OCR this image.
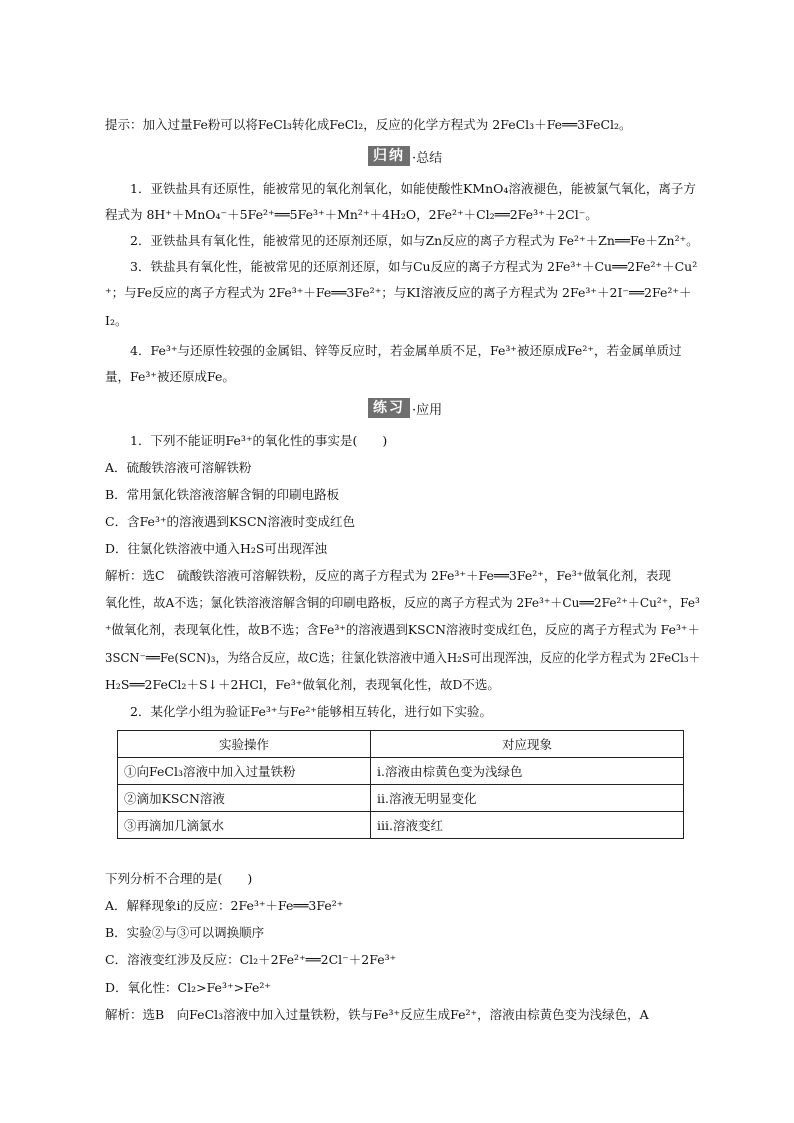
提示：加入过量Fe粉可以将FeCl₃转化成FeCl₂，反应的化学方程式为 2FeCl₃＋Fe══3FeCl₂。
归纳 ·总结
1．亚铁盐具有还原性，能被常见的氧化剂氧化，如能使酸性KMnO₄溶液褪色，能被氯气氧化，离子方
程式为 8H⁺＋MnO₄⁻＋5Fe²⁺══5Fe³⁺＋Mn²⁺＋4H₂O，2Fe²⁺＋Cl₂══2Fe³⁺＋2Cl⁻。
2．亚铁盐具有氧化性，能被常见的还原剂还原，如与Zn反应的离子方程式为 Fe²⁺＋Zn══Fe＋Zn²⁺。
3．铁盐具有氧化性，能被常见的还原剂还原，如与Cu反应的离子方程式为 2Fe³⁺＋Cu══2Fe²⁺＋Cu²
⁺；与Fe反应的离子方程式为 2Fe³⁺＋Fe══3Fe²⁺；与KI溶液反应的离子方程式为 2Fe³⁺＋2I⁻══2Fe²⁺＋
I₂。
4．Fe³⁺与还原性较强的金属铝、锌等反应时，若金属单质不足，Fe³⁺被还原成Fe²⁺，若金属单质过
量，Fe³⁺被还原成Fe。
练习 ·应用
1．下列不能证明Fe³⁺的氧化性的事实是(　　)
A．硫酸铁溶液可溶解铁粉
B．常用氯化铁溶液溶解含铜的印刷电路板
C．含Fe³⁺的溶液遇到KSCN溶液时变成红色
D．往氯化铁溶液中通入H₂S可出现浑浊
解析：选C　硫酸铁溶液可溶解铁粉，反应的离子方程式为 2Fe³⁺＋Fe══3Fe²⁺，Fe³⁺做氧化剂，表现
氧化性，故A不选；氯化铁溶液溶解含铜的印刷电路板，反应的离子方程式为 2Fe³⁺＋Cu══2Fe²⁺＋Cu²⁺，Fe³
⁺做氧化剂，表现氧化性，故B不选；含Fe³⁺的溶液遇到KSCN溶液时变成红色，反应的离子方程式为 Fe³⁺＋
3SCN⁻══Fe(SCN)₃，为络合反应，故C选；往氯化铁溶液中通入H₂S可出现浑浊，反应的化学方程式为 2FeCl₃＋
H₂S══2FeCl₂＋S↓＋2HCl，Fe³⁺做氧化剂，表现氧化性，故D不选。
2．某化学小组为验证Fe³⁺与Fe²⁺能够相互转化，进行如下实验。
实验操作	对应现象
①向FeCl₃溶液中加入过量铁粉	ⅰ.溶液由棕黄色变为浅绿色
②滴加KSCN溶液	ⅱ.溶液无明显变化
③再滴加几滴氯水	ⅲ.溶液变红
下列分析不合理的是(　　)
A．解释现象ⅰ的反应：2Fe³⁺＋Fe══3Fe²⁺
B．实验②与③可以调换顺序
C．溶液变红涉及反应：Cl₂＋2Fe²⁺══2Cl⁻＋2Fe³⁺
D．氧化性：Cl₂>Fe³⁺>Fe²⁺
解析：选B　向FeCl₃溶液中加入过量铁粉，铁与Fe³⁺反应生成Fe²⁺，溶液由棕黄色变为浅绿色，A
